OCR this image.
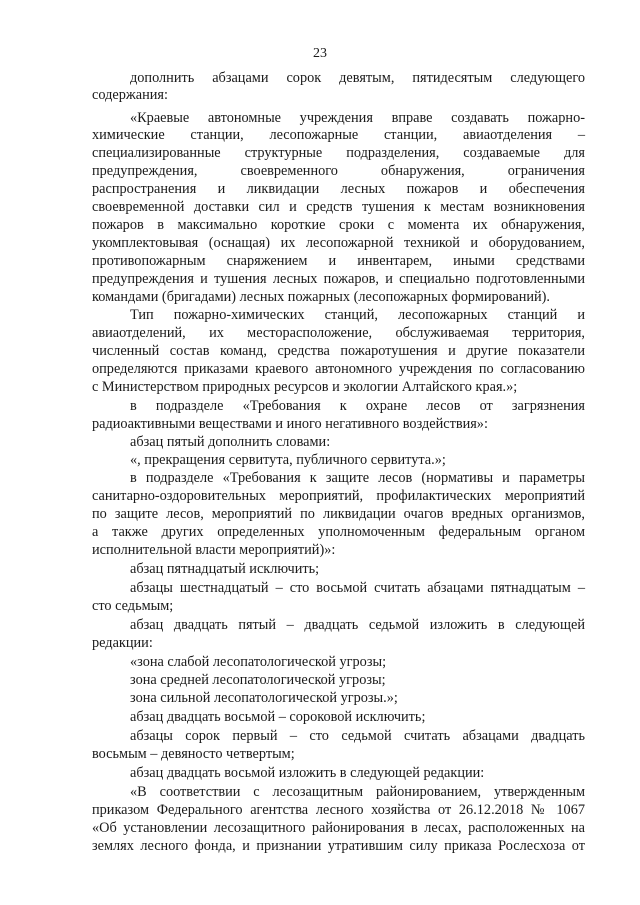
23
дополнить абзацами сорок девятым, пятидесятым следующего
содержания:
«Краевые автономные учреждения вправе создавать пожарно-
химические станции, лесопожарные станции, авиаотделения –
специализированные структурные подразделения, создаваемые для
предупреждения, своевременного обнаружения, ограничения
распространения и ликвидации лесных пожаров и обеспечения
своевременной доставки сил и средств тушения к местам возникновения
пожаров в максимально короткие сроки с момента их обнаружения,
укомплектовывая (оснащая) их лесопожарной техникой и оборудованием,
противопожарным снаряжением и инвентарем, иными средствами
предупреждения и тушения лесных пожаров, и специально подготовленными
командами (бригадами) лесных пожарных (лесопожарных формирований).
Тип пожарно-химических станций, лесопожарных станций и
авиаотделений, их месторасположение, обслуживаемая территория,
численный состав команд, средства пожаротушения и другие показатели
определяются приказами краевого автономного учреждения по согласованию
с Министерством природных ресурсов и экологии Алтайского края.»;
в подразделе «Требования к охране лесов от загрязнения
радиоактивными веществами и иного негативного воздействия»:
абзац пятый дополнить словами:
«, прекращения сервитута, публичного сервитута.»;
в подразделе «Требования к защите лесов (нормативы и параметры
санитарно-оздоровительных мероприятий, профилактических мероприятий
по защите лесов, мероприятий по ликвидации очагов вредных организмов,
а также других определенных уполномоченным федеральным органом
исполнительной власти мероприятий)»:
абзац пятнадцатый исключить;
абзацы шестнадцатый – сто восьмой считать абзацами пятнадцатым –
сто седьмым;
абзац двадцать пятый – двадцать седьмой изложить в следующей
редакции:
«зона слабой лесопатологической угрозы;
зона средней лесопатологической угрозы;
зона сильной лесопатологической угрозы.»;
абзац двадцать восьмой – сороковой исключить;
абзацы сорок первый – сто седьмой считать абзацами двадцать
восьмым – девяносто четвертым;
абзац двадцать восьмой изложить в следующей редакции:
«В соответствии с лесозащитным районированием, утвержденным
приказом Федерального агентства лесного хозяйства от 26.12.2018 № 1067
«Об установлении лесозащитного районирования в лесах, расположенных на
землях лесного фонда, и признании утратившим силу приказа Рослесхоза от
